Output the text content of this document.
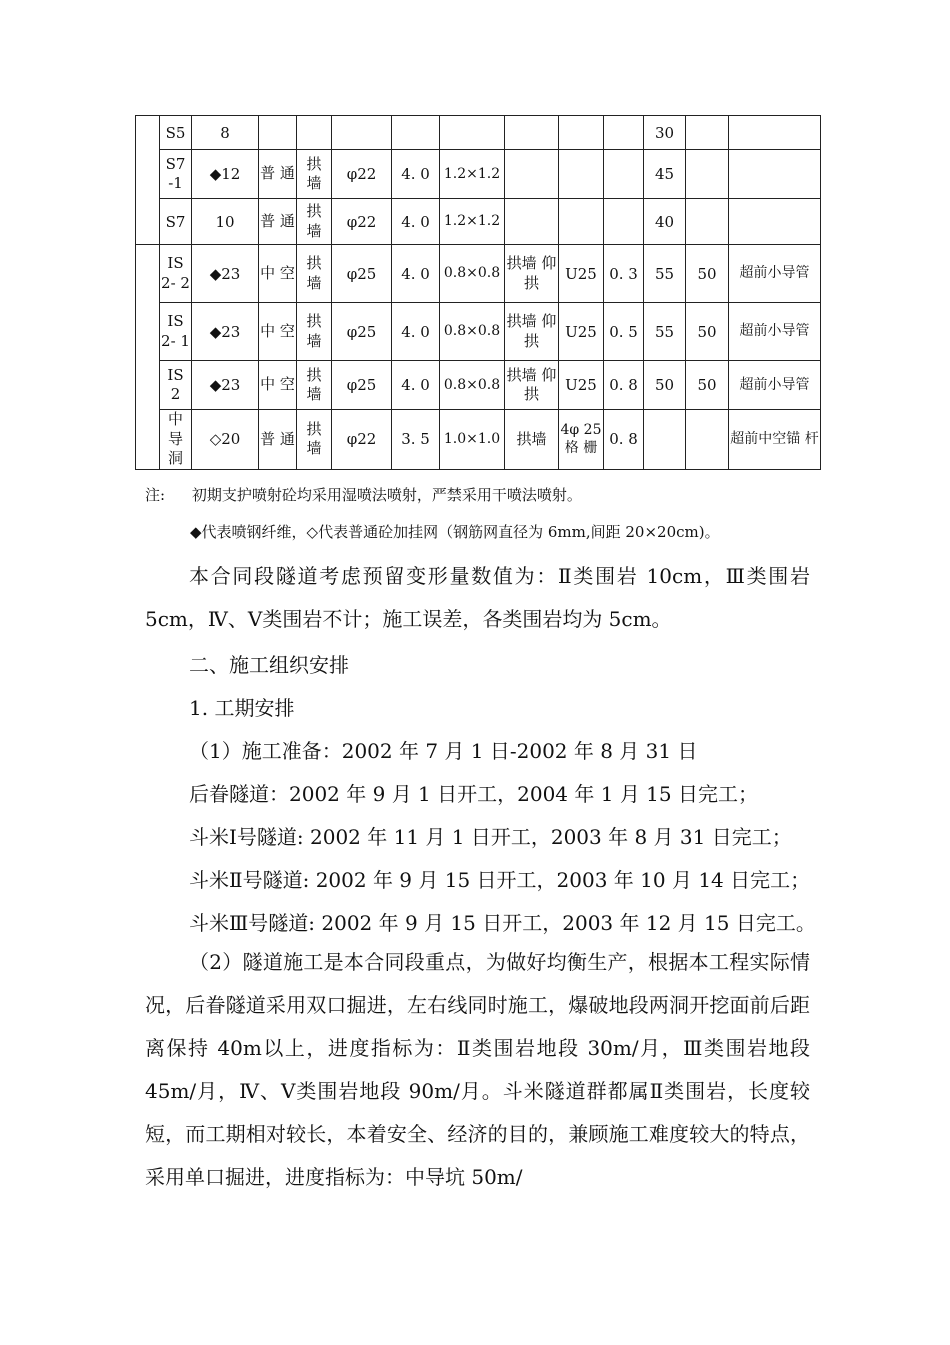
	S5	8									30		
	S7 -1	◆12	普 通	拱 墙	φ22	4. 0	1.2×1.2				45		
	S7	10	普 通	拱 墙	φ22	4. 0	1.2×1.2				40		
	IS 2- 2	◆23	中 空	拱 墙	φ25	4. 0	0.8×0.8	拱墙 仰拱	U25	0. 3	55	50	超前小导管
	IS 2- 1	◆23	中 空	拱 墙	φ25	4. 0	0.8×0.8	拱墙 仰拱	U25	0. 5	55	50	超前小导管
	IS 2	◆23	中 空	拱 墙	φ25	4. 0	0.8×0.8	拱墙 仰拱	U25	0. 8	50	50	超前小导管
	中 导 洞	◇20	普 通	拱 墙	φ22	3. 5	1.0×1.0	拱墙	4φ 25格 栅	0. 8			超前中空锚 杆
注: 初期支护喷射砼均采用湿喷法喷射，严禁采用干喷法喷射。
◆代表喷钢纤维，◇代表普通砼加挂网（钢筋网直径为 6mm,间距 20×20cm)。
本合同段隧道考虑预留变形量数值为：Ⅱ类围岩 10cm，Ⅲ类围岩 5cm，Ⅳ、Ⅴ类围岩不计；施工误差，各类围岩均为 5cm。
二、施工组织安排
1. 工期安排
（1）施工准备：2002 年 7 月 1 日-2002 年 8 月 31 日
后眷隧道：2002 年 9 月 1 日开工，2004 年 1 月 15 日完工；
斗米Ⅰ号隧道: 2002 年 11 月 1 日开工，2003 年 8 月 31 日完工；
斗米Ⅱ号隧道: 2002 年 9 月 15 日开工，2003 年 10 月 14 日完工；
斗米Ⅲ号隧道: 2002 年 9 月 15 日开工，2003 年 12 月 15 日完工。
（2）隧道施工是本合同段重点，为做好均衡生产，根据本工程实际情况，后眷隧道采用双口掘进，左右线同时施工，爆破地段两洞开挖面前后距离保持 40m以上，进度指标为：Ⅱ类围岩地段 30m/月，Ⅲ类围岩地段 45m/月，Ⅳ、Ⅴ类围岩地段 90m/月。斗米隧道群都属Ⅱ类围岩，长度较短，而工期相对较长，本着安全、经济的目的，兼顾施工难度较大的特点，采用单口掘进，进度指标为：中导坑 50m/
